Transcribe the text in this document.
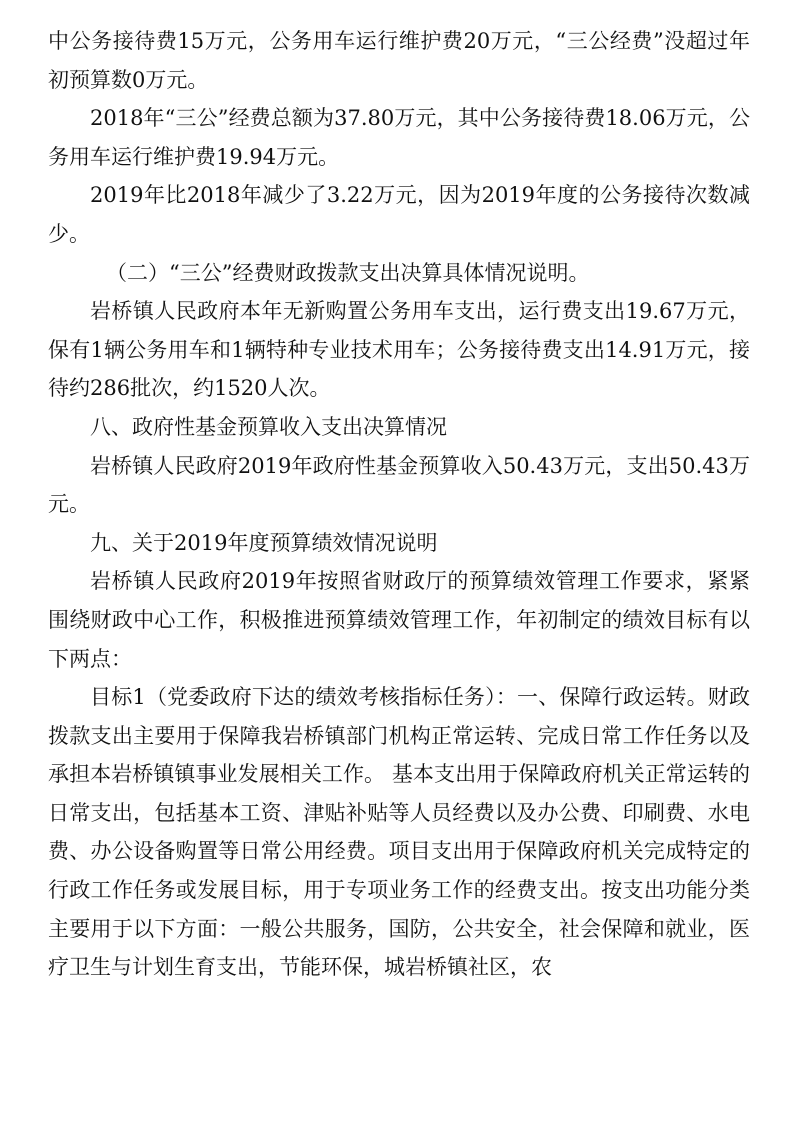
中公务接待费15万元，公务用车运行维护费20万元，“三公经费”没超过年初预算数0万元。

2018年“三公”经费总额为37.80万元，其中公务接待费18.06万元，公务用车运行维护费19.94万元。

2019年比2018年减少了3.22万元，因为2019年度的公务接待次数减少。

（二）“三公”经费财政拨款支出决算具体情况说明。

岩桥镇人民政府本年无新购置公务用车支出，运行费支出19.67万元，保有1辆公务用车和1辆特种专业技术用车；公务接待费支出14.91万元，接待约286批次，约1520人次。

八、政府性基金预算收入支出决算情况

岩桥镇人民政府2019年政府性基金预算收入50.43万元，支出50.43万元。

九、关于2019年度预算绩效情况说明

岩桥镇人民政府2019年按照省财政厅的预算绩效管理工作要求，紧紧围绕财政中心工作，积极推进预算绩效管理工作，年初制定的绩效目标有以下两点：

目标1（党委政府下达的绩效考核指标任务）：一、保障行政运转。财政拨款支出主要用于保障我岩桥镇部门机构正常运转、完成日常工作任务以及承担本岩桥镇镇事业发展相关工作。 基本支出用于保障政府机关正常运转的日常支出，包括基本工资、津贴补贴等人员经费以及办公费、印刷费、水电费、办公设备购置等日常公用经费。项目支出用于保障政府机关完成特定的行政工作任务或发展目标，用于专项业务工作的经费支出。按支出功能分类主要用于以下方面：一般公共服务，国防，公共安全，社会保障和就业，医疗卫生与计划生育支出，节能环保，城岩桥镇社区，农
